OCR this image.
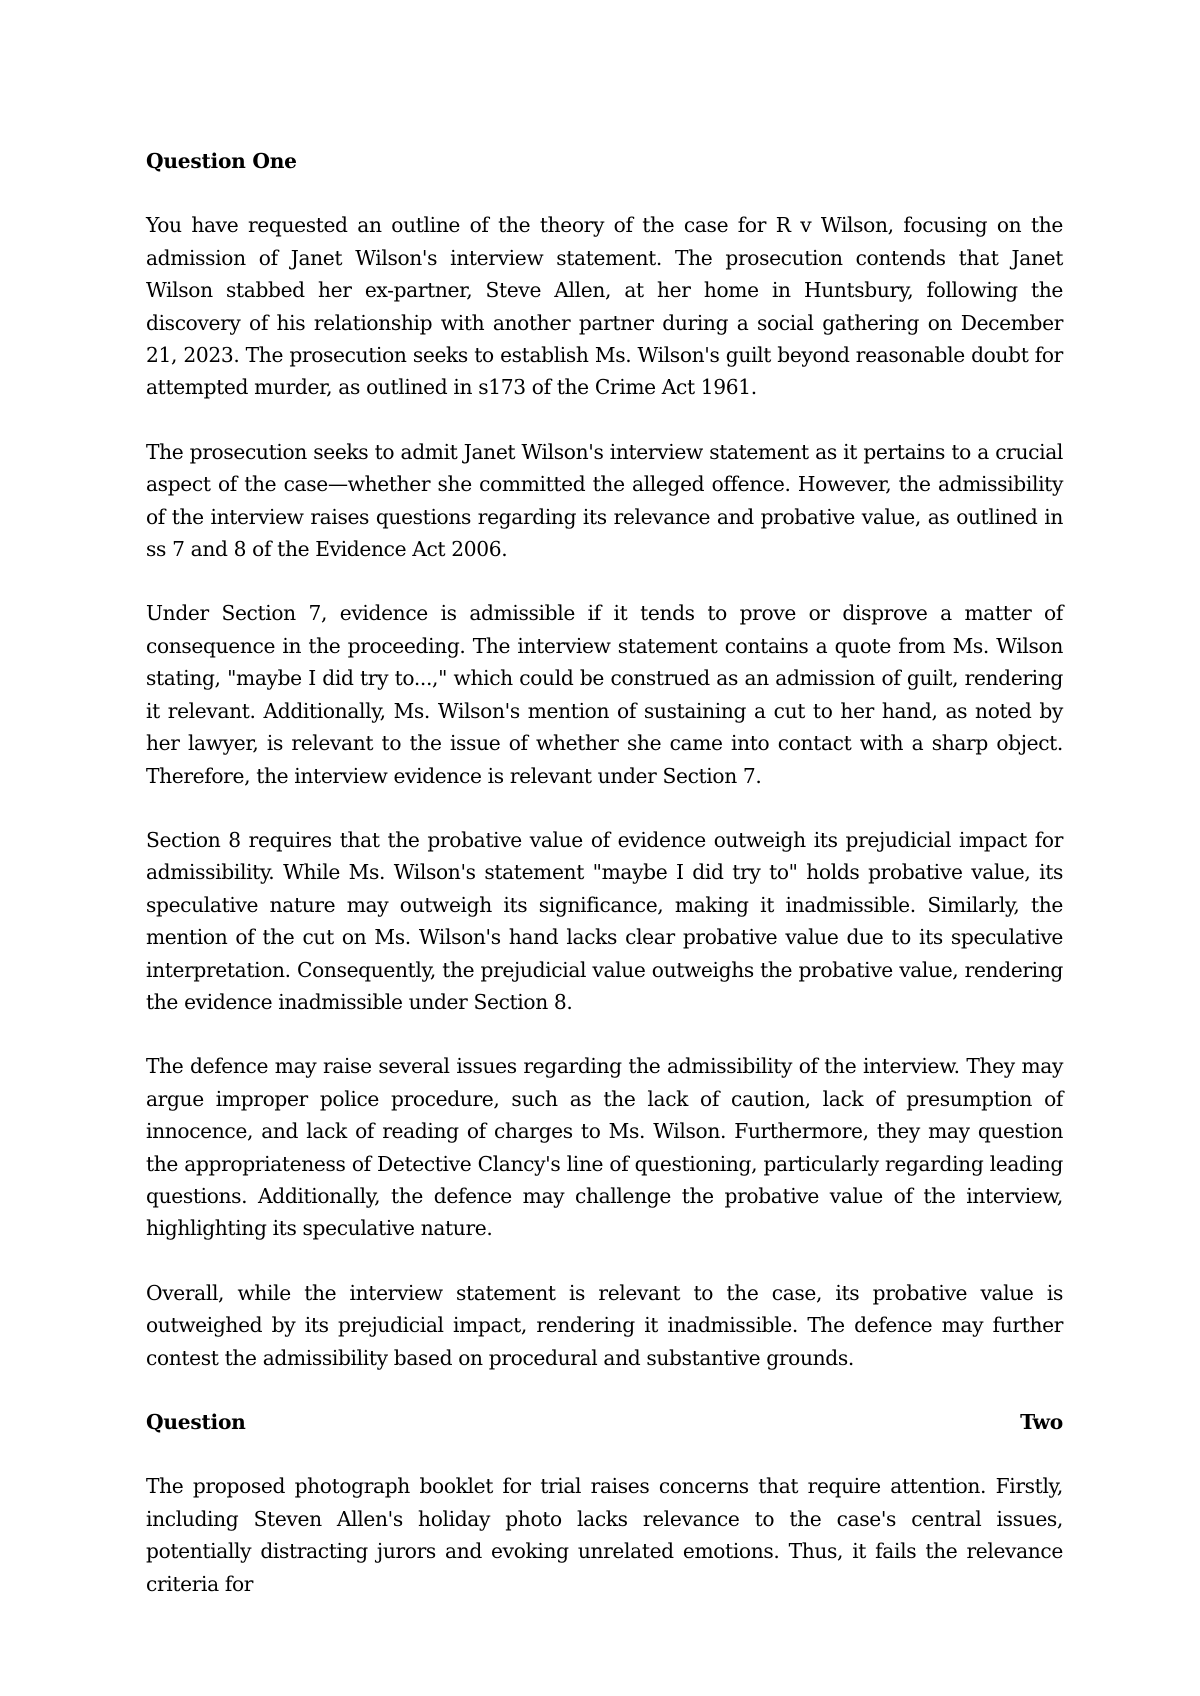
Question One

You have requested an outline of the theory of the case for R v Wilson, focusing on the admission of Janet Wilson's interview statement. The prosecution contends that Janet Wilson stabbed her ex-partner, Steve Allen, at her home in Huntsbury, following the discovery of his relationship with another partner during a social gathering on December 21, 2023. The prosecution seeks to establish Ms. Wilson's guilt beyond reasonable doubt for attempted murder, as outlined in s173 of the Crime Act 1961.

The prosecution seeks to admit Janet Wilson's interview statement as it pertains to a crucial aspect of the case—whether she committed the alleged offence. However, the admissibility of the interview raises questions regarding its relevance and probative value, as outlined in ss 7 and 8 of the Evidence Act 2006.

Under Section 7, evidence is admissible if it tends to prove or disprove a matter of consequence in the proceeding. The interview statement contains a quote from Ms. Wilson stating, "maybe I did try to...," which could be construed as an admission of guilt, rendering it relevant. Additionally, Ms. Wilson's mention of sustaining a cut to her hand, as noted by her lawyer, is relevant to the issue of whether she came into contact with a sharp object. Therefore, the interview evidence is relevant under Section 7.

Section 8 requires that the probative value of evidence outweigh its prejudicial impact for admissibility. While Ms. Wilson's statement "maybe I did try to" holds probative value, its speculative nature may outweigh its significance, making it inadmissible. Similarly, the mention of the cut on Ms. Wilson's hand lacks clear probative value due to its speculative interpretation. Consequently, the prejudicial value outweighs the probative value, rendering the evidence inadmissible under Section 8.

The defence may raise several issues regarding the admissibility of the interview. They may argue improper police procedure, such as the lack of caution, lack of presumption of innocence, and lack of reading of charges to Ms. Wilson. Furthermore, they may question the appropriateness of Detective Clancy's line of questioning, particularly regarding leading questions. Additionally, the defence may challenge the probative value of the interview, highlighting its speculative nature.

Overall, while the interview statement is relevant to the case, its probative value is outweighed by its prejudicial impact, rendering it inadmissible. The defence may further contest the admissibility based on procedural and substantive grounds.

Question	Two

The proposed photograph booklet for trial raises concerns that require attention. Firstly, including Steven Allen's holiday photo lacks relevance to the case's central issues, potentially distracting jurors and evoking unrelated emotions. Thus, it fails the relevance criteria for
